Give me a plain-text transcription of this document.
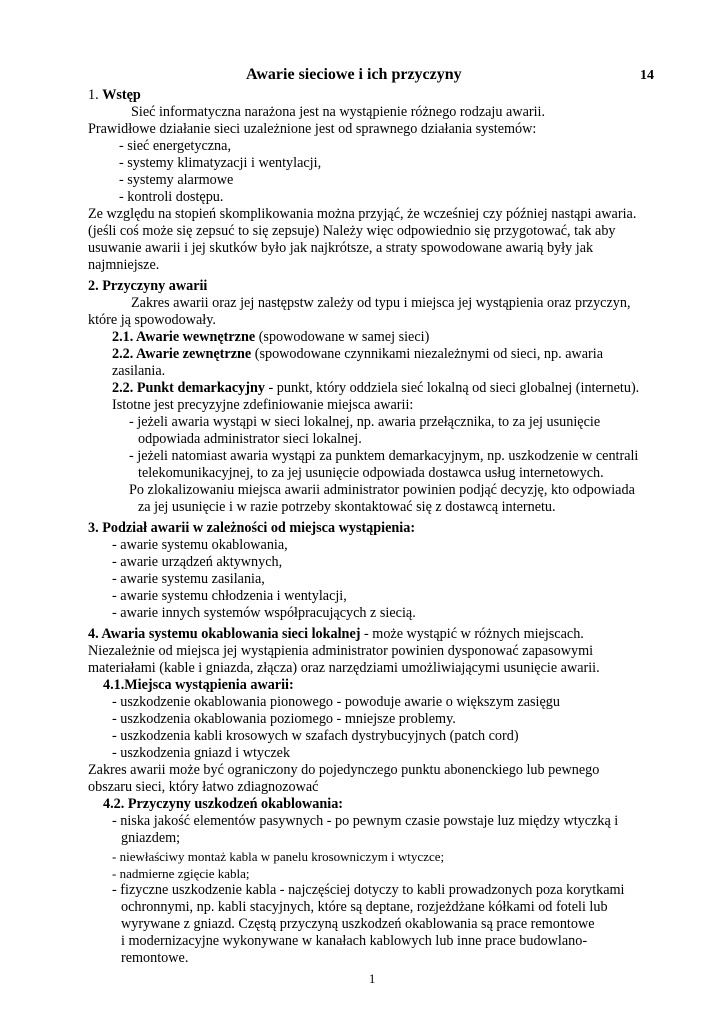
Awarie sieciowe i ich przyczyny	14
1. Wstęp
Sieć informatyczna narażona jest na wystąpienie różnego rodzaju awarii.
Prawidłowe działanie sieci uzależnione jest od sprawnego działania systemów:
- sieć energetyczna,
- systemy klimatyzacji i wentylacji,
- systemy alarmowe
- kontroli dostępu.
Ze względu na stopień skomplikowania można przyjąć, że wcześniej czy później nastąpi awaria.
(jeśli coś może się zepsuć to się zepsuje) Należy więc odpowiednio się przygotować, tak aby
usuwanie awarii i jej skutków było jak najkrótsze, a straty spowodowane awarią były jak
najmniejsze.
2. Przyczyny awarii
Zakres awarii oraz jej następstw zależy od typu i miejsca jej wystąpienia oraz przyczyn,
które ją spowodowały.
2.1. Awarie wewnętrzne (spowodowane w samej sieci)
2.2. Awarie zewnętrzne (spowodowane czynnikami niezależnymi od sieci, np. awaria
zasilania.
2.2. Punkt demarkacyjny - punkt, który oddziela sieć lokalną od sieci globalnej (internetu).
Istotne jest precyzyjne zdefiniowanie miejsca awarii:
- jeżeli awaria wystąpi w sieci lokalnej, np. awaria przełącznika, to za jej usunięcie
odpowiada administrator sieci lokalnej.
- jeżeli natomiast awaria wystąpi za punktem demarkacyjnym, np. uszkodzenie w centrali
telekomunikacyjnej, to za jej usunięcie odpowiada dostawca usług internetowych.
Po zlokalizowaniu miejsca awarii administrator powinien podjąć decyzję, kto odpowiada
za jej usunięcie i w razie potrzeby skontaktować się z dostawcą internetu.
3. Podział awarii w zależności od miejsca wystąpienia:
- awarie systemu okablowania,
- awarie urządzeń aktywnych,
- awarie systemu zasilania,
- awarie systemu chłodzenia i wentylacji,
- awarie innych systemów współpracujących z siecią.
4. Awaria systemu okablowania sieci lokalnej - może wystąpić w różnych miejscach.
Niezależnie od miejsca jej wystąpienia administrator powinien dysponować zapasowymi
materiałami (kable i gniazda, złącza) oraz narzędziami umożliwiającymi usunięcie awarii.
4.1.Miejsca wystąpienia awarii:
- uszkodzenie okablowania pionowego - powoduje awarie o większym zasięgu
- uszkodzenia okablowania poziomego - mniejsze problemy.
- uszkodzenia kabli krosowych w szafach dystrybucyjnych (patch cord)
- uszkodzenia gniazd i wtyczek
Zakres awarii może być ograniczony do pojedynczego punktu abonenckiego lub pewnego
obszaru sieci, który łatwo zdiagnozować
4.2. Przyczyny uszkodzeń okablowania:
- niska jakość elementów pasywnych - po pewnym czasie powstaje luz między wtyczką i
gniazdem;
- niewłaściwy montaż kabla w panelu krosowniczym i wtyczce;
- nadmierne zgięcie kabla;
- fizyczne uszkodzenie kabla - najczęściej dotyczy to kabli prowadzonych poza korytkami
ochronnymi, np. kabli stacyjnych, które są deptane, rozjeżdżane kółkami od foteli lub
wyrywane z gniazd. Częstą przyczyną uszkodzeń okablowania są prace remontowe
i modernizacyjne wykonywane w kanałach kablowych lub inne prace budowlano-
remontowe.
1
